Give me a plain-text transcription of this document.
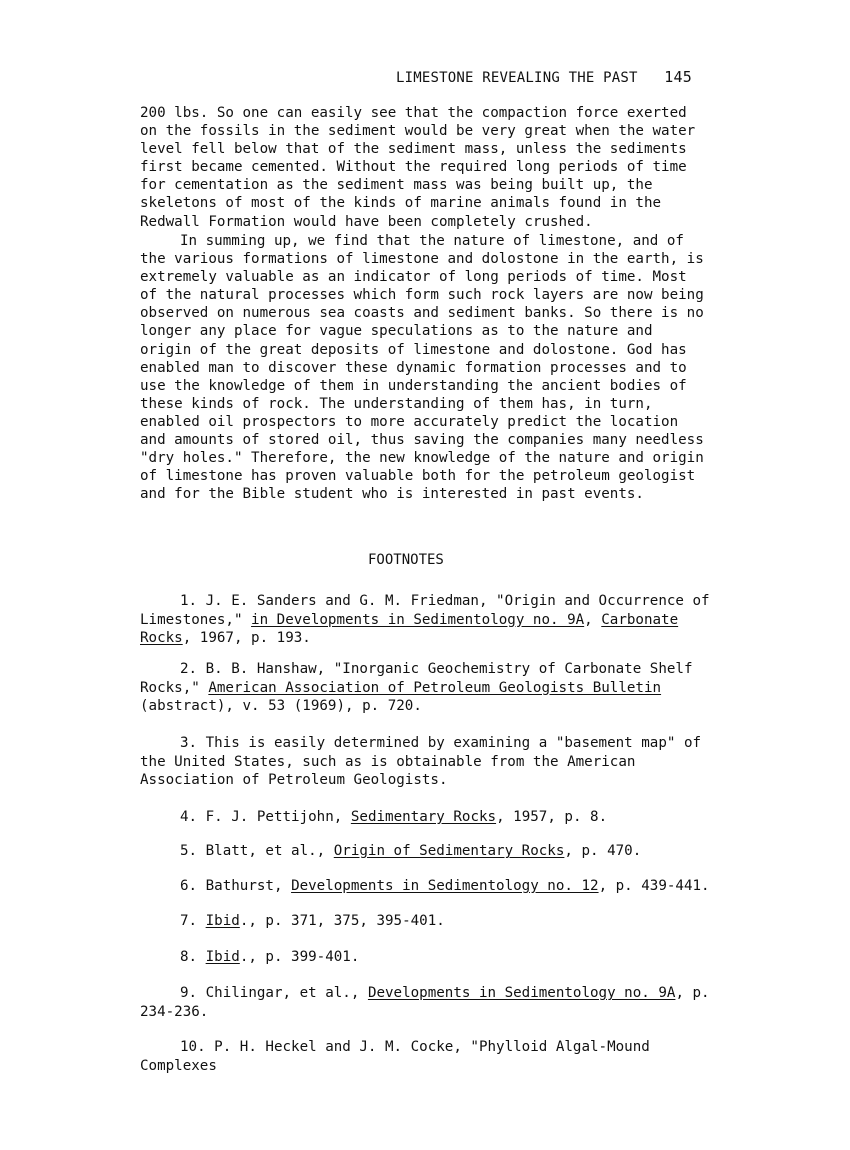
LIMESTONE REVEALING THE PAST 145
200 lbs. So one can easily see that the compaction force exerted on the fossils in the sediment would be very great when the water level fell below that of the sediment mass, unless the sediments first became cemented. Without the required long periods of time for cementation as the sediment mass was being built up, the skeletons of most of the kinds of marine animals found in the Redwall Formation would have been completely crushed.
In summing up, we find that the nature of limestone, and of the various formations of limestone and dolostone in the earth, is extremely valuable as an indicator of long periods of time. Most of the natural processes which form such rock layers are now being observed on numerous sea coasts and sediment banks. So there is no longer any place for vague speculations as to the nature and origin of the great deposits of limestone and dolostone. God has enabled man to discover these dynamic formation processes and to use the knowledge of them in understanding the ancient bodies of these kinds of rock. The understanding of them has, in turn, enabled oil prospectors to more accurately predict the location and amounts of stored oil, thus saving the companies many needless "dry holes." Therefore, the new knowledge of the nature and origin of limestone has proven valuable both for the petroleum geologist and for the Bible student who is interested in past events.
FOOTNOTES
1. J. E. Sanders and G. M. Friedman, "Origin and Occurrence of Limestones," in Developments in Sedimentology no. 9A, Carbonate Rocks, 1967, p. 193.
2. B. B. Hanshaw, "Inorganic Geochemistry of Carbonate Shelf Rocks," American Association of Petroleum Geologists Bulletin (abstract), v. 53 (1969), p. 720.
3. This is easily determined by examining a "basement map" of the United States, such as is obtainable from the American Association of Petroleum Geologists.
4. F. J. Pettijohn, Sedimentary Rocks, 1957, p. 8.
5. Blatt, et al., Origin of Sedimentary Rocks, p. 470.
6. Bathurst, Developments in Sedimentology no. 12, p. 439-441.
7. Ibid., p. 371, 375, 395-401.
8. Ibid., p. 399-401.
9. Chilingar, et al., Developments in Sedimentology no. 9A, p. 234-236.
10. P. H. Heckel and J. M. Cocke, "Phylloid Algal-Mound Complexes
